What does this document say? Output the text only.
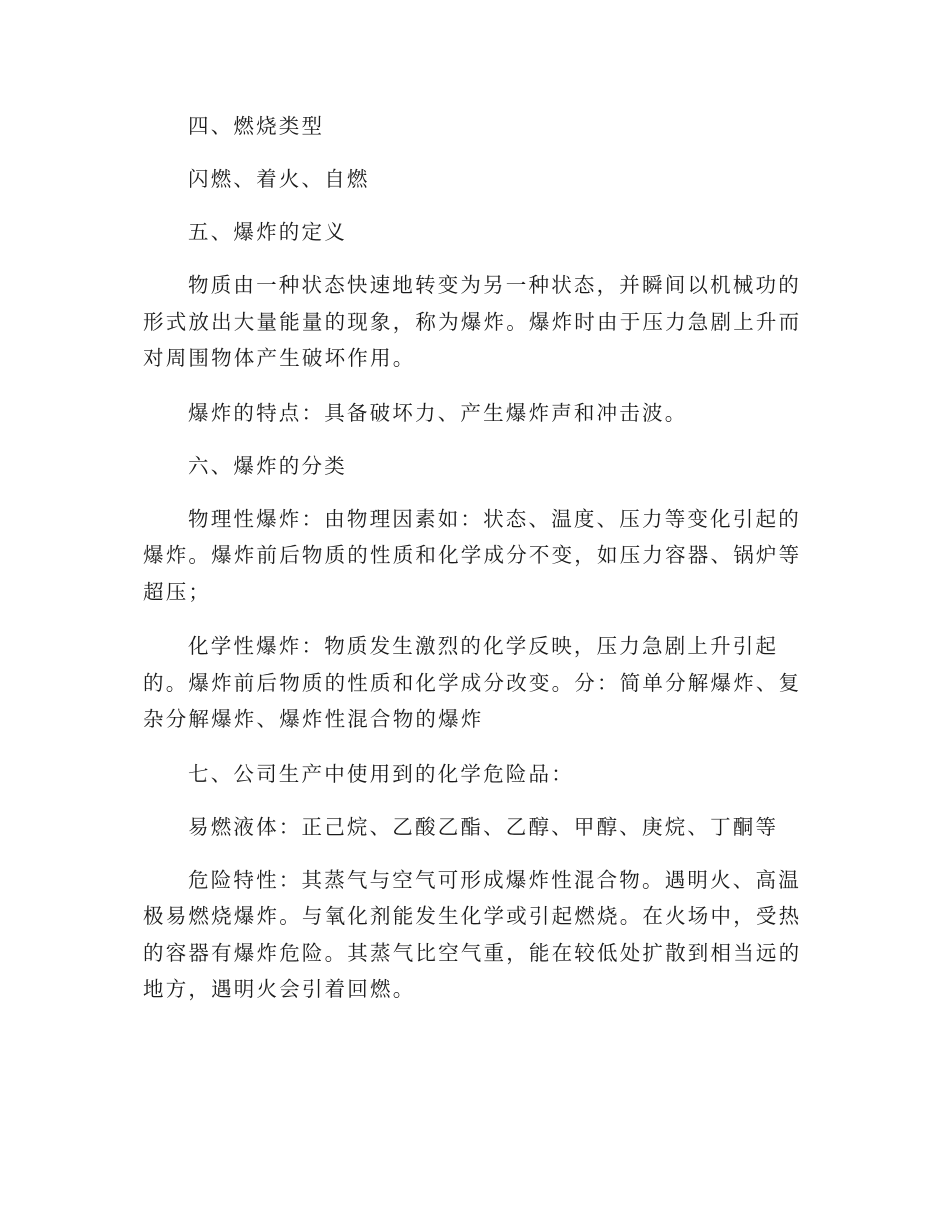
四、燃烧类型

闪燃、着火、自燃

五、爆炸的定义

物质由一种状态快速地转变为另一种状态，并瞬间以机械功的形式放出大量能量的现象，称为爆炸。爆炸时由于压力急剧上升而对周围物体产生破坏作用。

爆炸的特点：具备破坏力、产生爆炸声和冲击波。

六、爆炸的分类

物理性爆炸：由物理因素如：状态、温度、压力等变化引起的爆炸。爆炸前后物质的性质和化学成分不变，如压力容器、锅炉等超压；

化学性爆炸：物质发生激烈的化学反映，压力急剧上升引起的。爆炸前后物质的性质和化学成分改变。分：简单分解爆炸、复杂分解爆炸、爆炸性混合物的爆炸

七、公司生产中使用到的化学危险品：

易燃液体：正己烷、乙酸乙酯、乙醇、甲醇、庚烷、丁酮等

危险特性：其蒸气与空气可形成爆炸性混合物。遇明火、高温极易燃烧爆炸。与氧化剂能发生化学或引起燃烧。在火场中，受热的容器有爆炸危险。其蒸气比空气重，能在较低处扩散到相当远的地方，遇明火会引着回燃。
